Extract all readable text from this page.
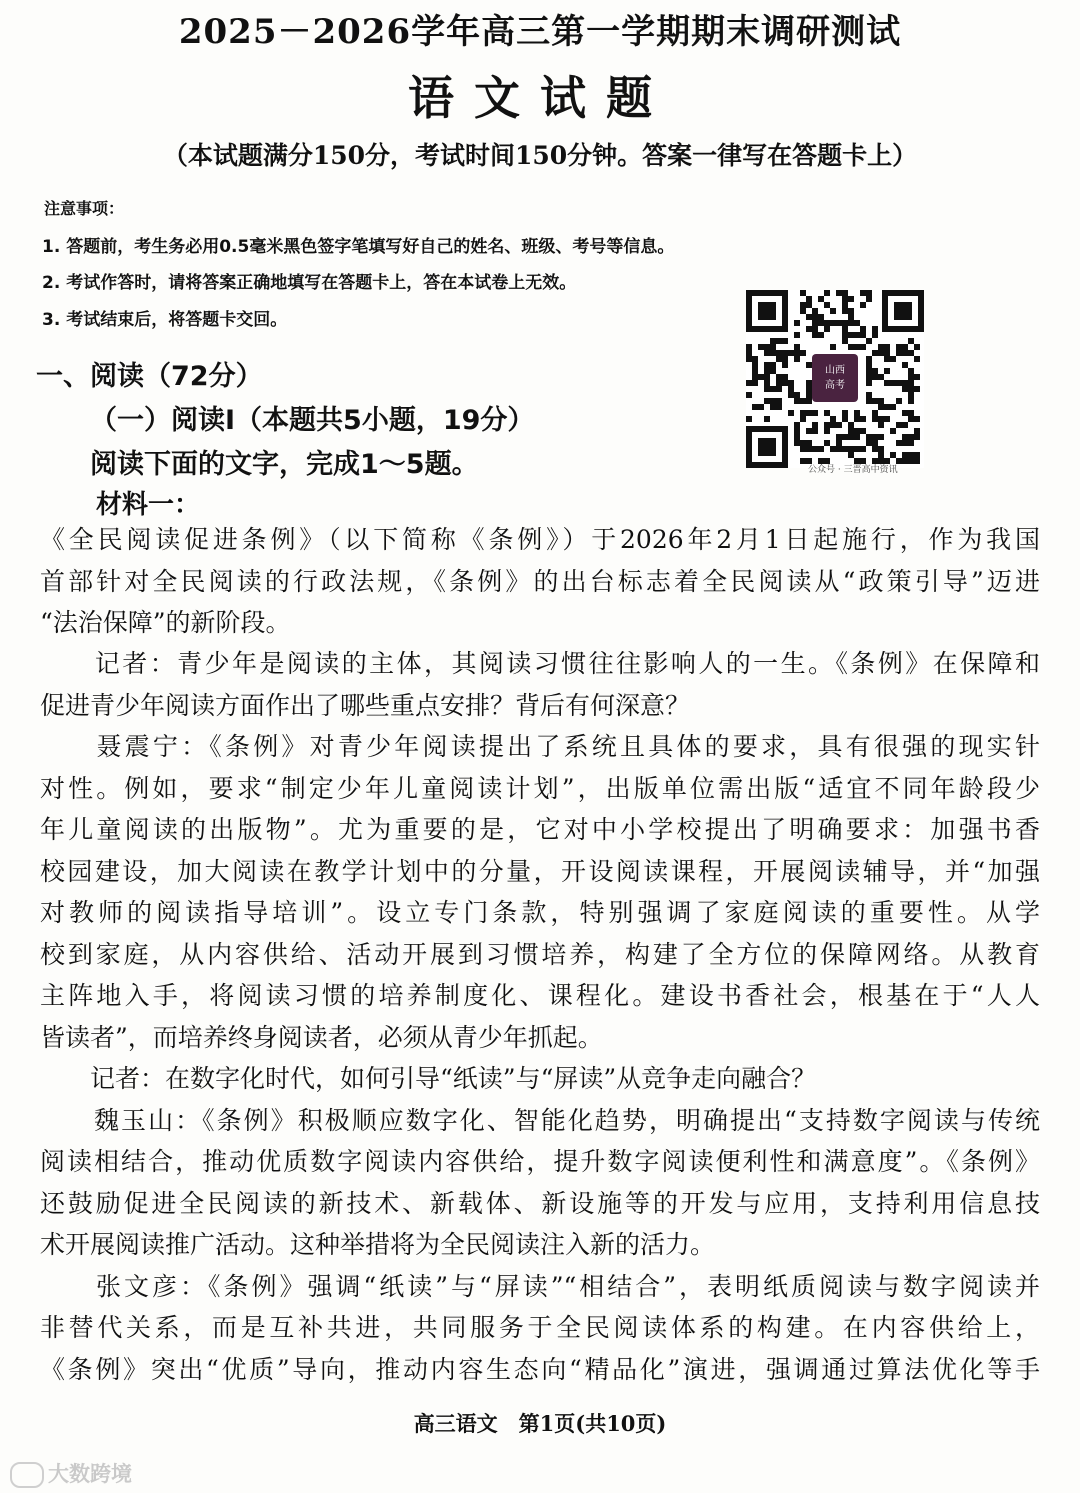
2025－2026学年高三第一学期期末调研测试
语文试题
（本试题满分150分，考试时间150分钟。答案一律写在答题卡上）
注意事项：
1. 答题前，考生务必用0.5毫米黑色签字笔填写好自己的姓名、班级、考号等信息。
2. 考试作答时，请将答案正确地填写在答题卡上，答在本试卷上无效。
3. 考试结束后，将答题卡交回。
山西
高考
公众号 · 三晋高中资讯
一、阅读（72分）
（一）阅读Ⅰ（本题共5小题，19分）
阅读下面的文字，完成1～5题。
材料一：
《全民阅读促进条例》（以下简称《条例》）于2026年2月1日起施行，作为我国
首部针对全民阅读的行政法规，《条例》的出台标志着全民阅读从“政策引导”迈进
“法治保障”的新阶段。
　　记者：青少年是阅读的主体，其阅读习惯往往影响人的一生。《条例》在保障和
促进青少年阅读方面作出了哪些重点安排？背后有何深意？
　　聂震宁：《条例》对青少年阅读提出了系统且具体的要求，具有很强的现实针
对性。例如，要求“制定少年儿童阅读计划”，出版单位需出版“适宜不同年龄段少
年儿童阅读的出版物”。尤为重要的是，它对中小学校提出了明确要求：加强书香
校园建设，加大阅读在教学计划中的分量，开设阅读课程，开展阅读辅导，并“加强
对教师的阅读指导培训”。设立专门条款，特别强调了家庭阅读的重要性。从学
校到家庭，从内容供给、活动开展到习惯培养，构建了全方位的保障网络。从教育
主阵地入手，将阅读习惯的培养制度化、课程化。建设书香社会，根基在于“人人
皆读者”，而培养终身阅读者，必须从青少年抓起。
　　记者：在数字化时代，如何引导“纸读”与“屏读”从竞争走向融合？
　　魏玉山：《条例》积极顺应数字化、智能化趋势，明确提出“支持数字阅读与传统
阅读相结合，推动优质数字阅读内容供给，提升数字阅读便利性和满意度”。《条例》
还鼓励促进全民阅读的新技术、新载体、新设施等的开发与应用，支持利用信息技
术开展阅读推广活动。这种举措将为全民阅读注入新的活力。
　　张文彦：《条例》强调“纸读”与“屏读”“相结合”，表明纸质阅读与数字阅读并
非替代关系，而是互补共进，共同服务于全民阅读体系的构建。在内容供给上，
《条例》突出“优质”导向，推动内容生态向“精品化”演进，强调通过算法优化等手
高三语文　第1页(共10页)
大数跨境
